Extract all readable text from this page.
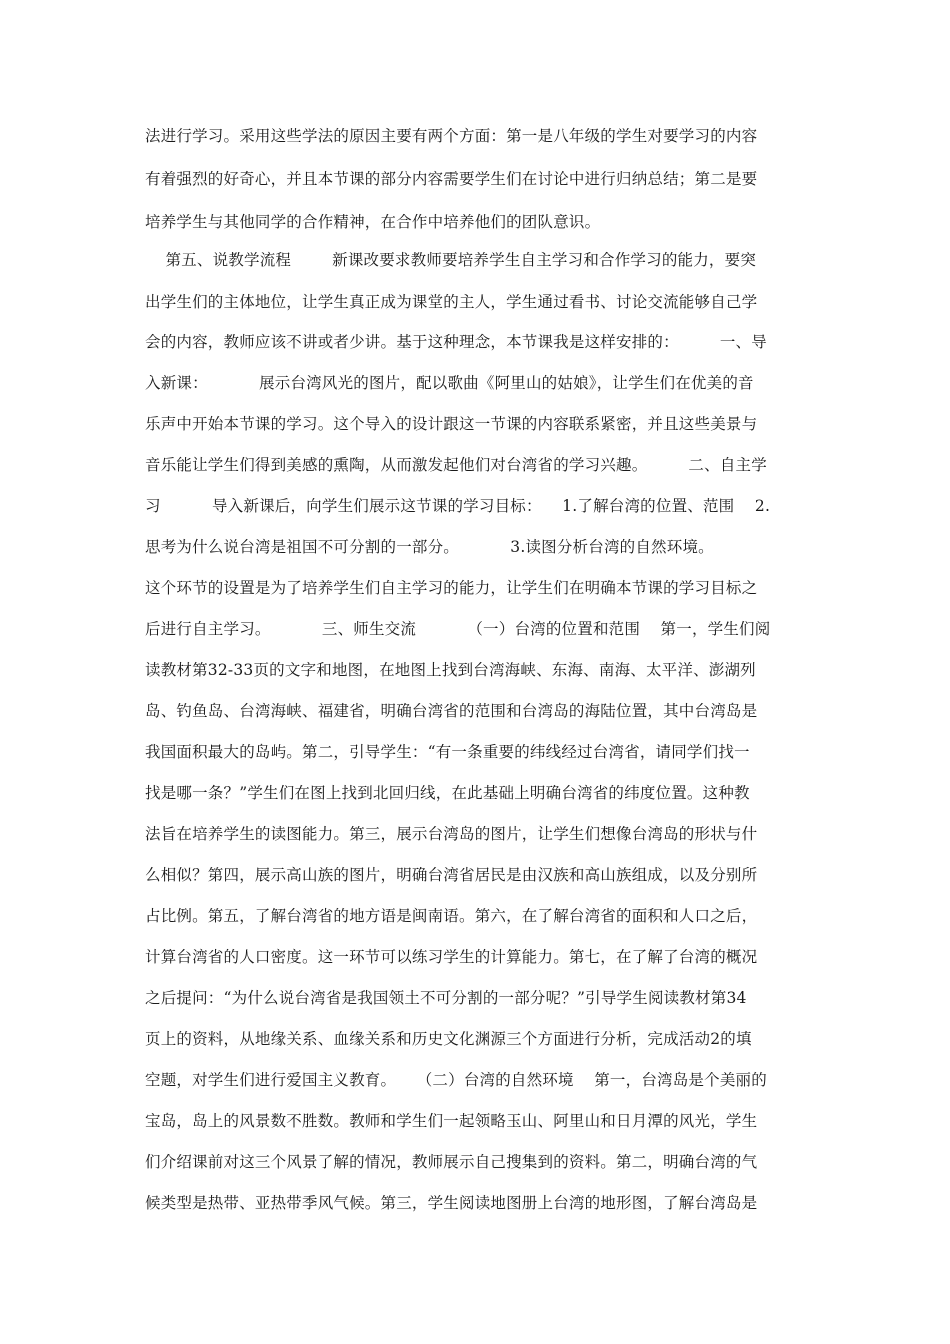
法进行学习。采用这些学法的原因主要有两个方面：第一是八年级的学生对要学习的内容
有着强烈的好奇心，并且本节课的部分内容需要学生们在讨论中进行归纳总结；第二是要
培养学生与其他同学的合作精神，在合作中培养他们的团队意识。
第五、说教学流程        新课改要求教师要培养学生自主学习和合作学习的能力，要突
出学生们的主体地位，让学生真正成为课堂的主人，学生通过看书、讨论交流能够自己学
会的内容，教师应该不讲或者少讲。基于这种理念，本节课我是这样安排的：        一、导
入新课：          展示台湾风光的图片，配以歌曲《阿里山的姑娘》，让学生们在优美的音
乐声中开始本节课的学习。这个导入的设计跟这一节课的内容联系紧密，并且这些美景与
音乐能让学生们得到美感的熏陶，从而激发起他们对台湾省的学习兴趣。        二、自主学
习          导入新课后，向学生们展示这节课的学习目标：    1.了解台湾的位置、范围    2.
思考为什么说台湾是祖国不可分割的一部分。          3.读图分析台湾的自然环境。
这个环节的设置是为了培养学生们自主学习的能力，让学生们在明确本节课的学习目标之
后进行自主学习。          三、师生交流          （一）台湾的位置和范围    第一，学生们阅
读教材第32-33页的文字和地图，在地图上找到台湾海峡、东海、南海、太平洋、澎湖列
岛、钓鱼岛、台湾海峡、福建省，明确台湾省的范围和台湾岛的海陆位置，其中台湾岛是
我国面积最大的岛屿。第二，引导学生：“有一条重要的纬线经过台湾省，请同学们找一
找是哪一条？”学生们在图上找到北回归线，在此基础上明确台湾省的纬度位置。这种教
法旨在培养学生的读图能力。第三，展示台湾岛的图片，让学生们想像台湾岛的形状与什
么相似？第四，展示高山族的图片，明确台湾省居民是由汉族和高山族组成，以及分别所
占比例。第五，了解台湾省的地方语是闽南语。第六，在了解台湾省的面积和人口之后，
计算台湾省的人口密度。这一环节可以练习学生的计算能力。第七，在了解了台湾的概况
之后提问：“为什么说台湾省是我国领土不可分割的一部分呢？”引导学生阅读教材第34
页上的资料，从地缘关系、血缘关系和历史文化渊源三个方面进行分析，完成活动2的填
空题，对学生们进行爱国主义教育。    （二）台湾的自然环境    第一，台湾岛是个美丽的
宝岛，岛上的风景数不胜数。教师和学生们一起领略玉山、阿里山和日月潭的风光，学生
们介绍课前对这三个风景了解的情况，教师展示自己搜集到的资料。第二，明确台湾的气
候类型是热带、亚热带季风气候。第三，学生阅读地图册上台湾的地形图，了解台湾岛是
